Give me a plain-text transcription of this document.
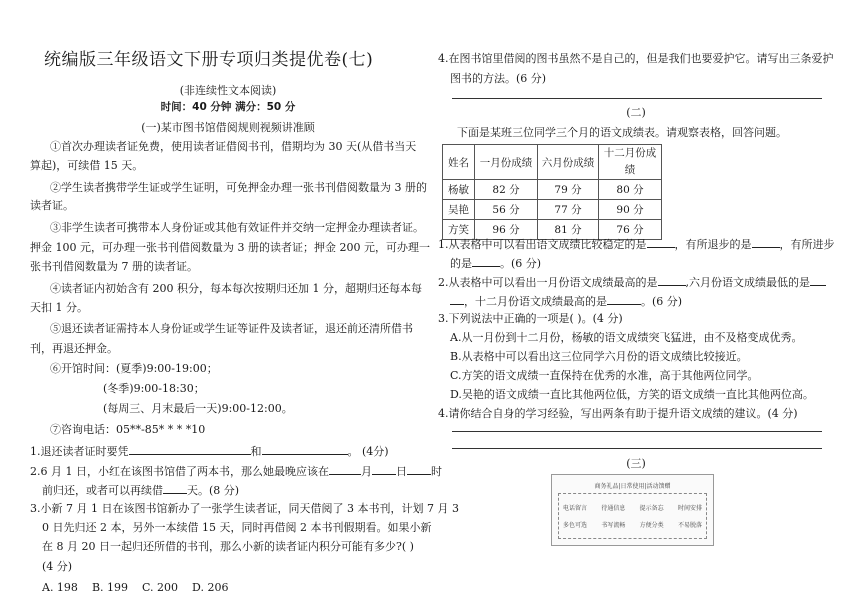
统编版三年级语文下册专项归类提优卷(七)
(非连续性文本阅读)
时间：40 分钟 满分：50 分
(一)某市图书馆借阅规则视频讲准顾
①首次办理读者证免费，使用读者证借阅书刊，借期均为 30 天(从借书当天
算起)，可续借 15 天。
②学生读者携带学生证或学生证明，可免押金办理一张书刊借阅数量为 3 册的
读者证。
③非学生读者可携带本人身份证或其他有效证件并交纳一定押金办理读者证。
押金 100 元，可办理一张书刊借阅数量为 3 册的读者证；押金 200 元，可办理一
张书刊借阅数量为 7 册的读者证。
④读者证内初始含有 200 积分，每本每次按期归还加 1 分，超期归还每本每
天扣 1 分。
⑤退还读者证需持本人身份证或学生证等证件及读者证，退还前还清所借书
刊，再退还押金。
⑥开馆时间：(夏季)9:00-19:00；
(冬季)9:00-18:30；
(每周三、月末最后一天)9:00-12:00。
⑦咨询电话：05**-85* * * *10
1.退还读者证时要凭	和	。 (4分)
2.6 月 1 日，小红在该图书馆借了两本书，那么她最晚应该在	月 日 时
前归还，或者可以再续借 天。(8 分)
3.小新 7 月 1 日在该图书馆新办了一张学生读者证，同天借阅了 3 本书刊，计划 7 月 3
0 日先归还 2 本，另外一本续借 15 天，同时再借阅 2 本书刊假期看。如果小新
在 8 月 20 日一起归还所借的书刊，那么小新的读者证内积分可能有多少?( )
(4 分)
A. 198 B. 199 C. 200 D. 206
4.在图书馆里借阅的图书虽然不是自己的，但是我们也要爱护它。请写出三条爱护
图书的方法。(6 分)
(二)
下面是某班三位同学三个月的语文成绩表。请观察表格，回答问题。
姓名	一月份成绩	六月份成绩	十二月份成
绩
杨敏	82 分	79 分	80 分
吴艳	56 分	77 分	90 分
方笑	96 分	81 分	76 分
1.从表格中可以看出语文成绩比较稳定的是	，有所退步的是	，有所进步
的是	。(6 分)
2.从表格中可以看出一月份语文成绩最高的是	,六月份语文成绩最低的是
，十二月份语文成绩最高的是	。(6 分)
3.下列说法中正确的一项是( )。(4 分)
A.从一月份到十二月份，杨敏的语文成绩突飞猛进，由不及格变成优秀。
B.从表格中可以看出这三位同学六月份的语文成绩比较接近。
C.方笑的语文成绩一直保持在优秀的水准，高于其他两位同学。
D.吴艳的语文成绩一直比其他两位低，方笑的语文成绩一直比其他两位高。
4.请你结合自身的学习经验，写出两条有助于提升语文成绩的建议。(4 分)
(三)
商务礼品|日常使用|活动馈赠
电话留言 待通信息 提示备忘 时间安排
多色可选 书写流畅 方便分类 不易脱落
